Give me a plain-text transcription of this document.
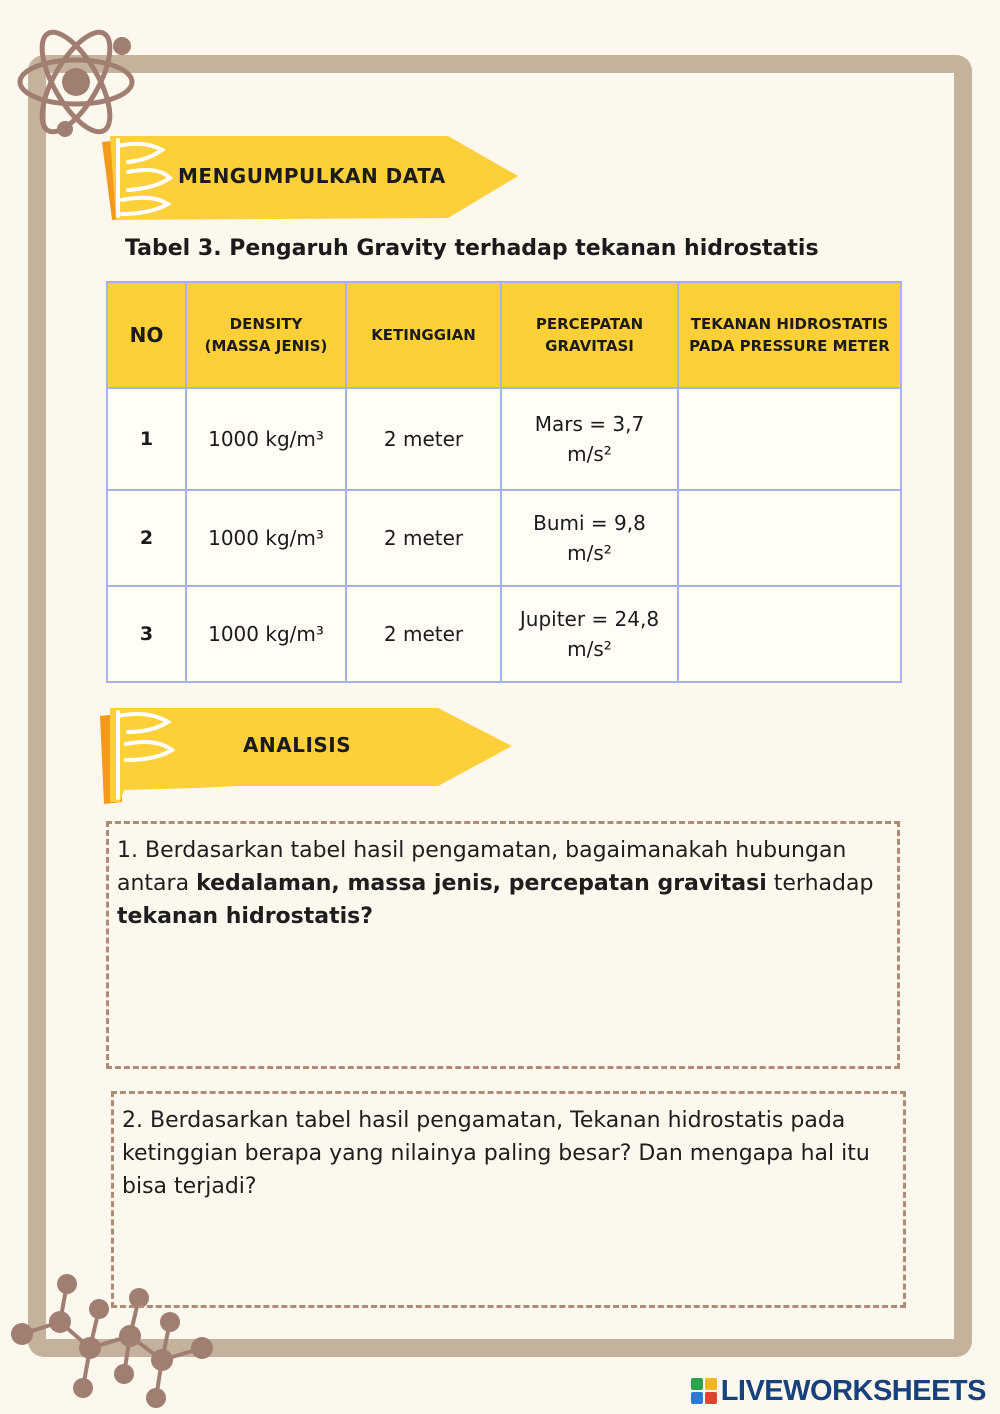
MENGUMPULKAN DATA
Tabel 3. Pengaruh Gravity terhadap tekanan hidrostatis
NO	DENSITY (MASSA JENIS)	KETINGGIAN	PERCEPATAN GRAVITASI	TEKANAN HIDROSTATIS PADA PRESSURE METER
1	1000 kg/m³	2 meter	Mars = 3,7 m/s²	
2	1000 kg/m³	2 meter	Bumi = 9,8 m/s²	
3	1000 kg/m³	2 meter	Jupiter = 24,8 m/s²	
ANALISIS
1. Berdasarkan tabel hasil pengamatan, bagaimanakah hubungan antara kedalaman, massa jenis, percepatan gravitasi terhadap tekanan hidrostatis?
2. Berdasarkan tabel hasil pengamatan, Tekanan hidrostatis pada ketinggian berapa yang nilainya paling besar? Dan mengapa hal itu bisa terjadi?
LIVEWORKSHEETS
